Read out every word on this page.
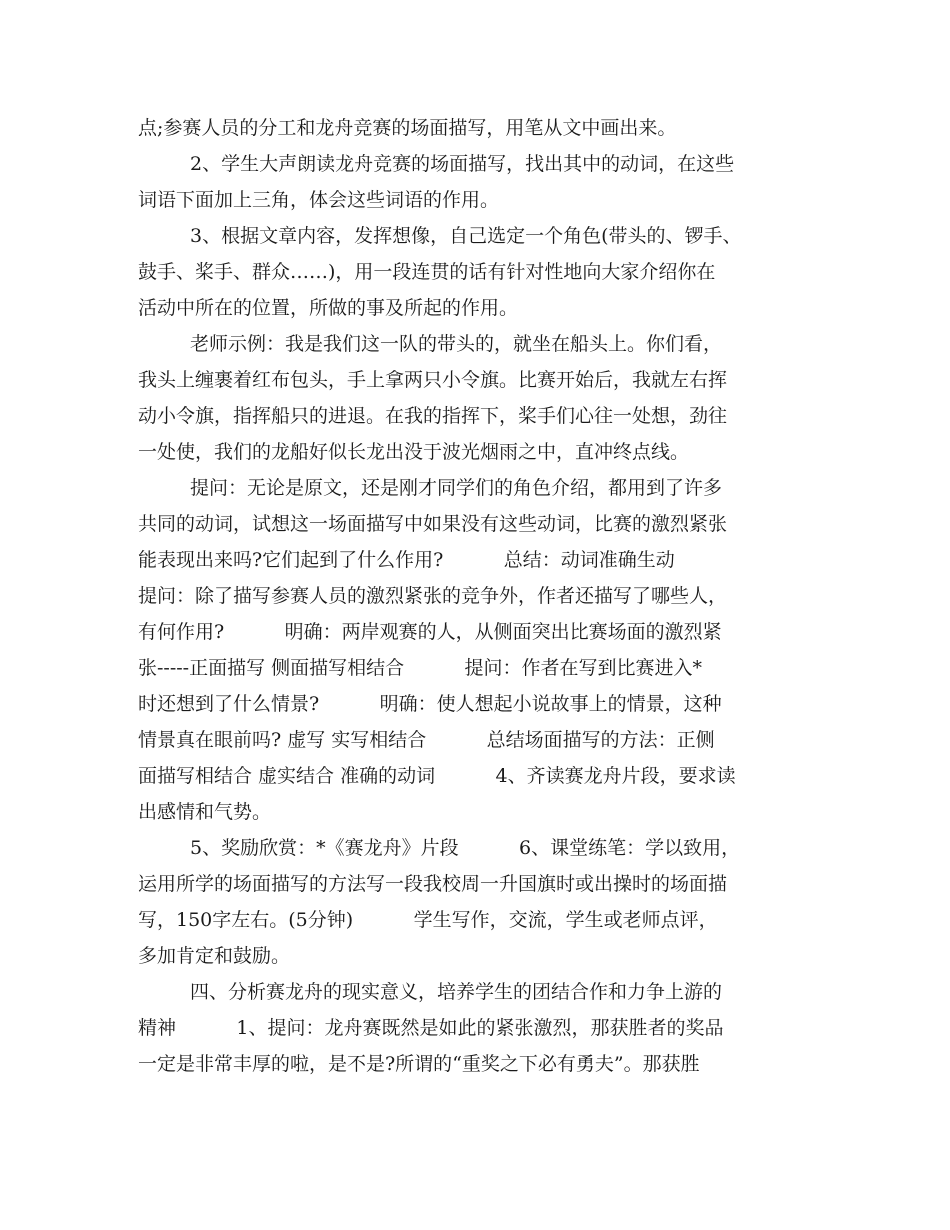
点;参赛人员的分工和龙舟竞赛的场面描写，用笔从文中画出来。
2、学生大声朗读龙舟竞赛的场面描写，找出其中的动词，在这些
词语下面加上三角，体会这些词语的作用。
3、根据文章内容，发挥想像，自己选定一个角色(带头的、锣手、
鼓手、桨手、群众……)，用一段连贯的话有针对性地向大家介绍你在
活动中所在的位置，所做的事及所起的作用。
老师示例：我是我们这一队的带头的，就坐在船头上。你们看，
我头上缠裹着红布包头，手上拿两只小令旗。比赛开始后，我就左右挥
动小令旗，指挥船只的进退。在我的指挥下，桨手们心往一处想，劲往
一处使，我们的龙船好似长龙出没于波光烟雨之中，直冲终点线。
提问：无论是原文，还是刚才同学们的角色介绍，都用到了许多
共同的动词，试想这一场面描写中如果没有这些动词，比赛的激烈紧张
能表现出来吗?它们起到了什么作用?          总结：动词准确生动
提问：除了描写参赛人员的激烈紧张的竞争外，作者还描写了哪些人，
有何作用?          明确：两岸观赛的人，从侧面突出比赛场面的激烈紧
张-----正面描写 侧面描写相结合          提问：作者在写到比赛进入*
时还想到了什么情景?          明确：使人想起小说故事上的情景，这种
情景真在眼前吗? 虚写 实写相结合          总结场面描写的方法：正侧
面描写相结合 虚实结合 准确的动词          4、齐读赛龙舟片段，要求读
出感情和气势。
5、奖励欣赏：*《赛龙舟》片段          6、课堂练笔：学以致用，
运用所学的场面描写的方法写一段我校周一升国旗时或出操时的场面描
写，150字左右。(5分钟)          学生写作，交流，学生或老师点评，
多加肯定和鼓励。
四、分析赛龙舟的现实意义，培养学生的团结合作和力争上游的
精神          1、提问：龙舟赛既然是如此的紧张激烈，那获胜者的奖品
一定是非常丰厚的啦，是不是?所谓的“重奖之下必有勇夫”。那获胜
